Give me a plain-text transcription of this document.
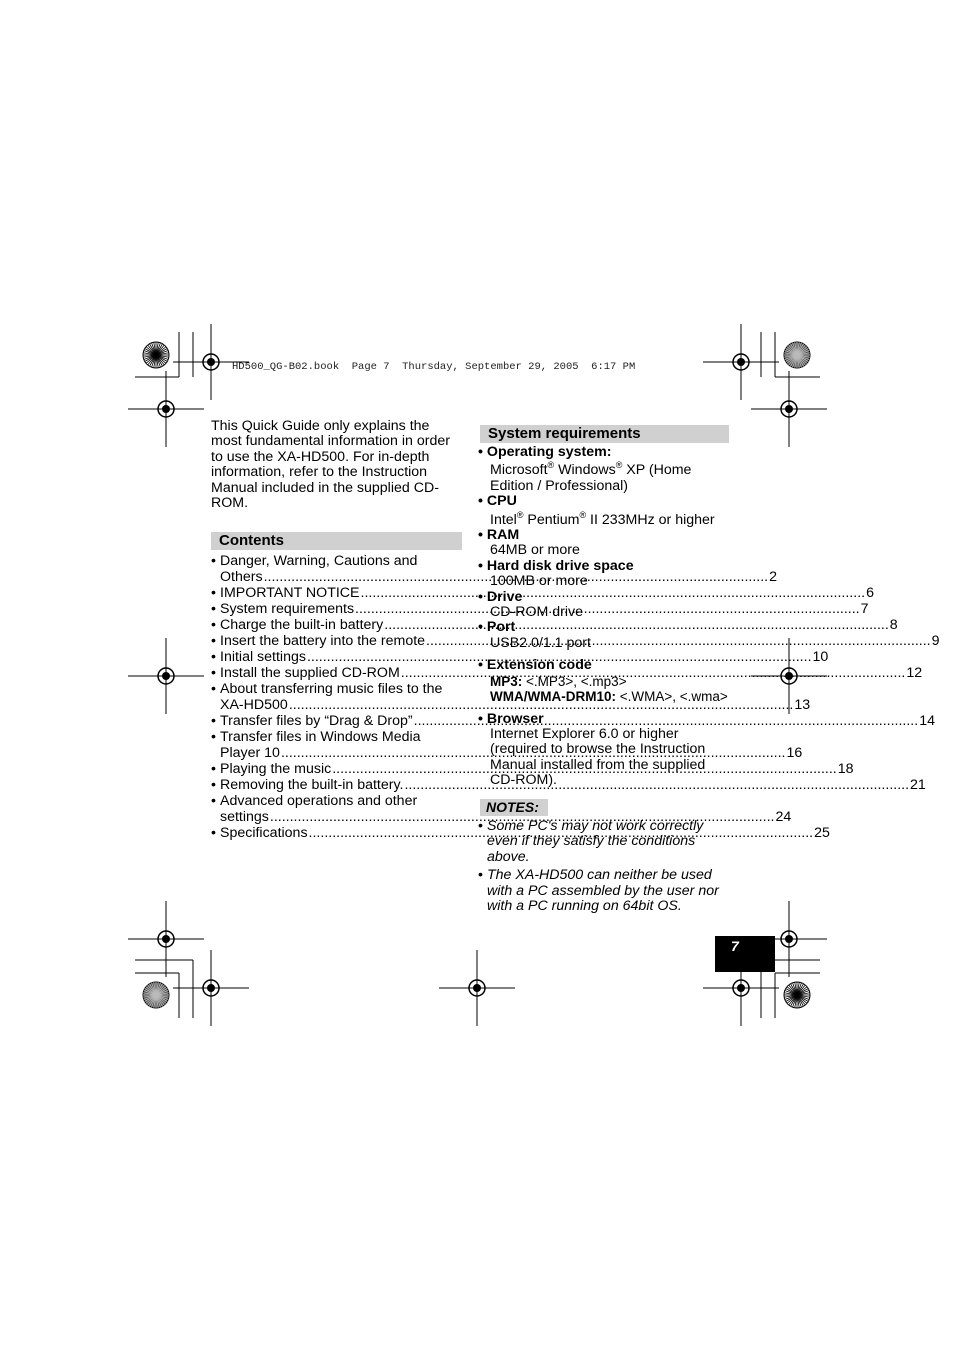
HD500_QG-B02.book  Page 7  Thursday, September 29, 2005  6:17 PM
This Quick Guide only explains the
most fundamental information in order
to use the XA-HD500. For in-depth
information, refer to the Instruction
Manual included in the supplied CD-
ROM.
Contents
• Danger, Warning, Cautions and
Others .....	2
• IMPORTANT NOTICE .....	6
• System requirements .....	7
• Charge the built-in battery .....	8
• Insert the battery into the remote .....	9
• Initial settings .....	10
• Install the supplied CD-ROM .....	12
• About transferring music files to the
XA-HD500 .....	13
• Transfer files by “Drag & Drop” .....	14
• Transfer files in Windows Media
Player 10 .....	16
• Playing the music .....	18
• Removing the built-in battery. .....	21
• Advanced operations and other
settings .....	24
• Specifications .....	25
System requirements
• Operating system:
Microsoft® Windows® XP (Home
Edition / Professional)
• CPU
Intel® Pentium® II 233MHz or higher
• RAM
64MB or more
• Hard disk drive space
100MB or more
• Drive
CD-ROM drive
• Port
USB2.0/1.1 port
• Extension code
MP3: <.MP3>, <.mp3>
WMA/WMA-DRM10: <.WMA>, <.wma>
• Browser
Internet Explorer 6.0 or higher
(required to browse the Instruction
Manual installed from the supplied
CD-ROM).
NOTES:
• Some PC's may not work correctly
even if they satisfy the conditions
above.
• The XA-HD500 can neither be used
with a PC assembled by the user nor
with a PC running on 64bit OS.
7
